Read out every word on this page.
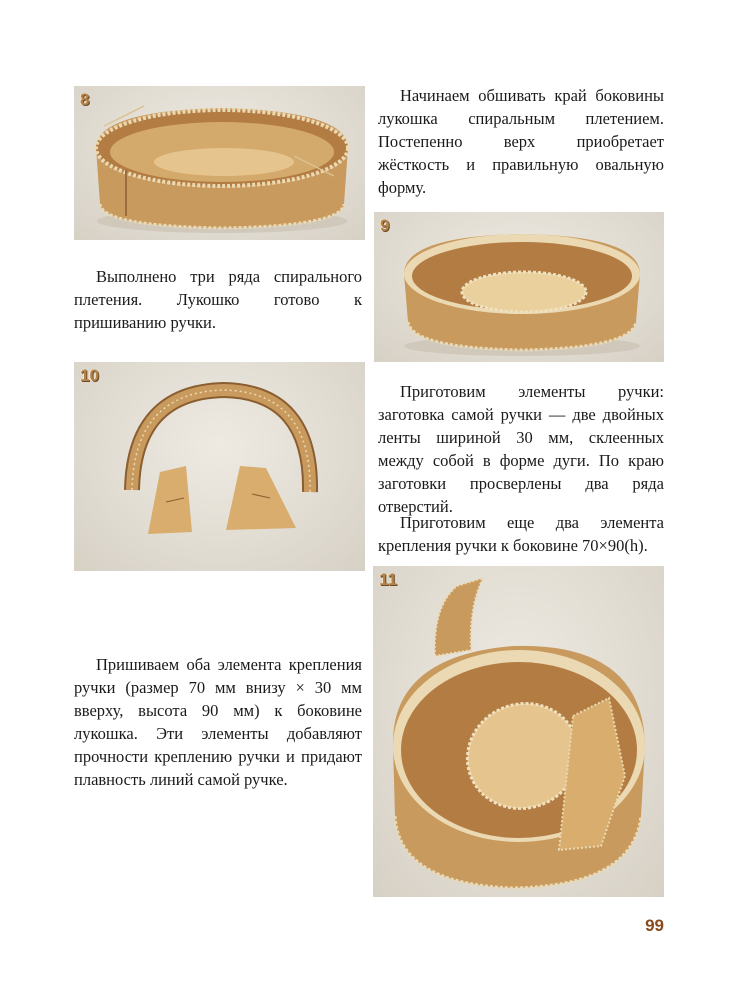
8	Начинаем обшивать край боковины лукошка спиральным плетением. Постепенно верх приобретает жёсткость и правильную овальную форму.

9

Выполнено три ряда спирального плетения. Лукошко готово к пришиванию ручки.

10

Приготовим элементы ручки: заготовка самой ручки — две двойных ленты шириной 30 мм, склеенных между собой в форме дуги. По краю заготовки просверлены два ряда отверстий.

Приготовим еще два элемента крепления ручки к боковине 70×90(h).

11

Пришиваем оба элемента крепления ручки (размер 70 мм внизу × 30 мм вверху, высота 90 мм) к боковине лукошка. Эти элементы добавляют прочности креплению ручки и придают плавность линий самой ручке.

99
